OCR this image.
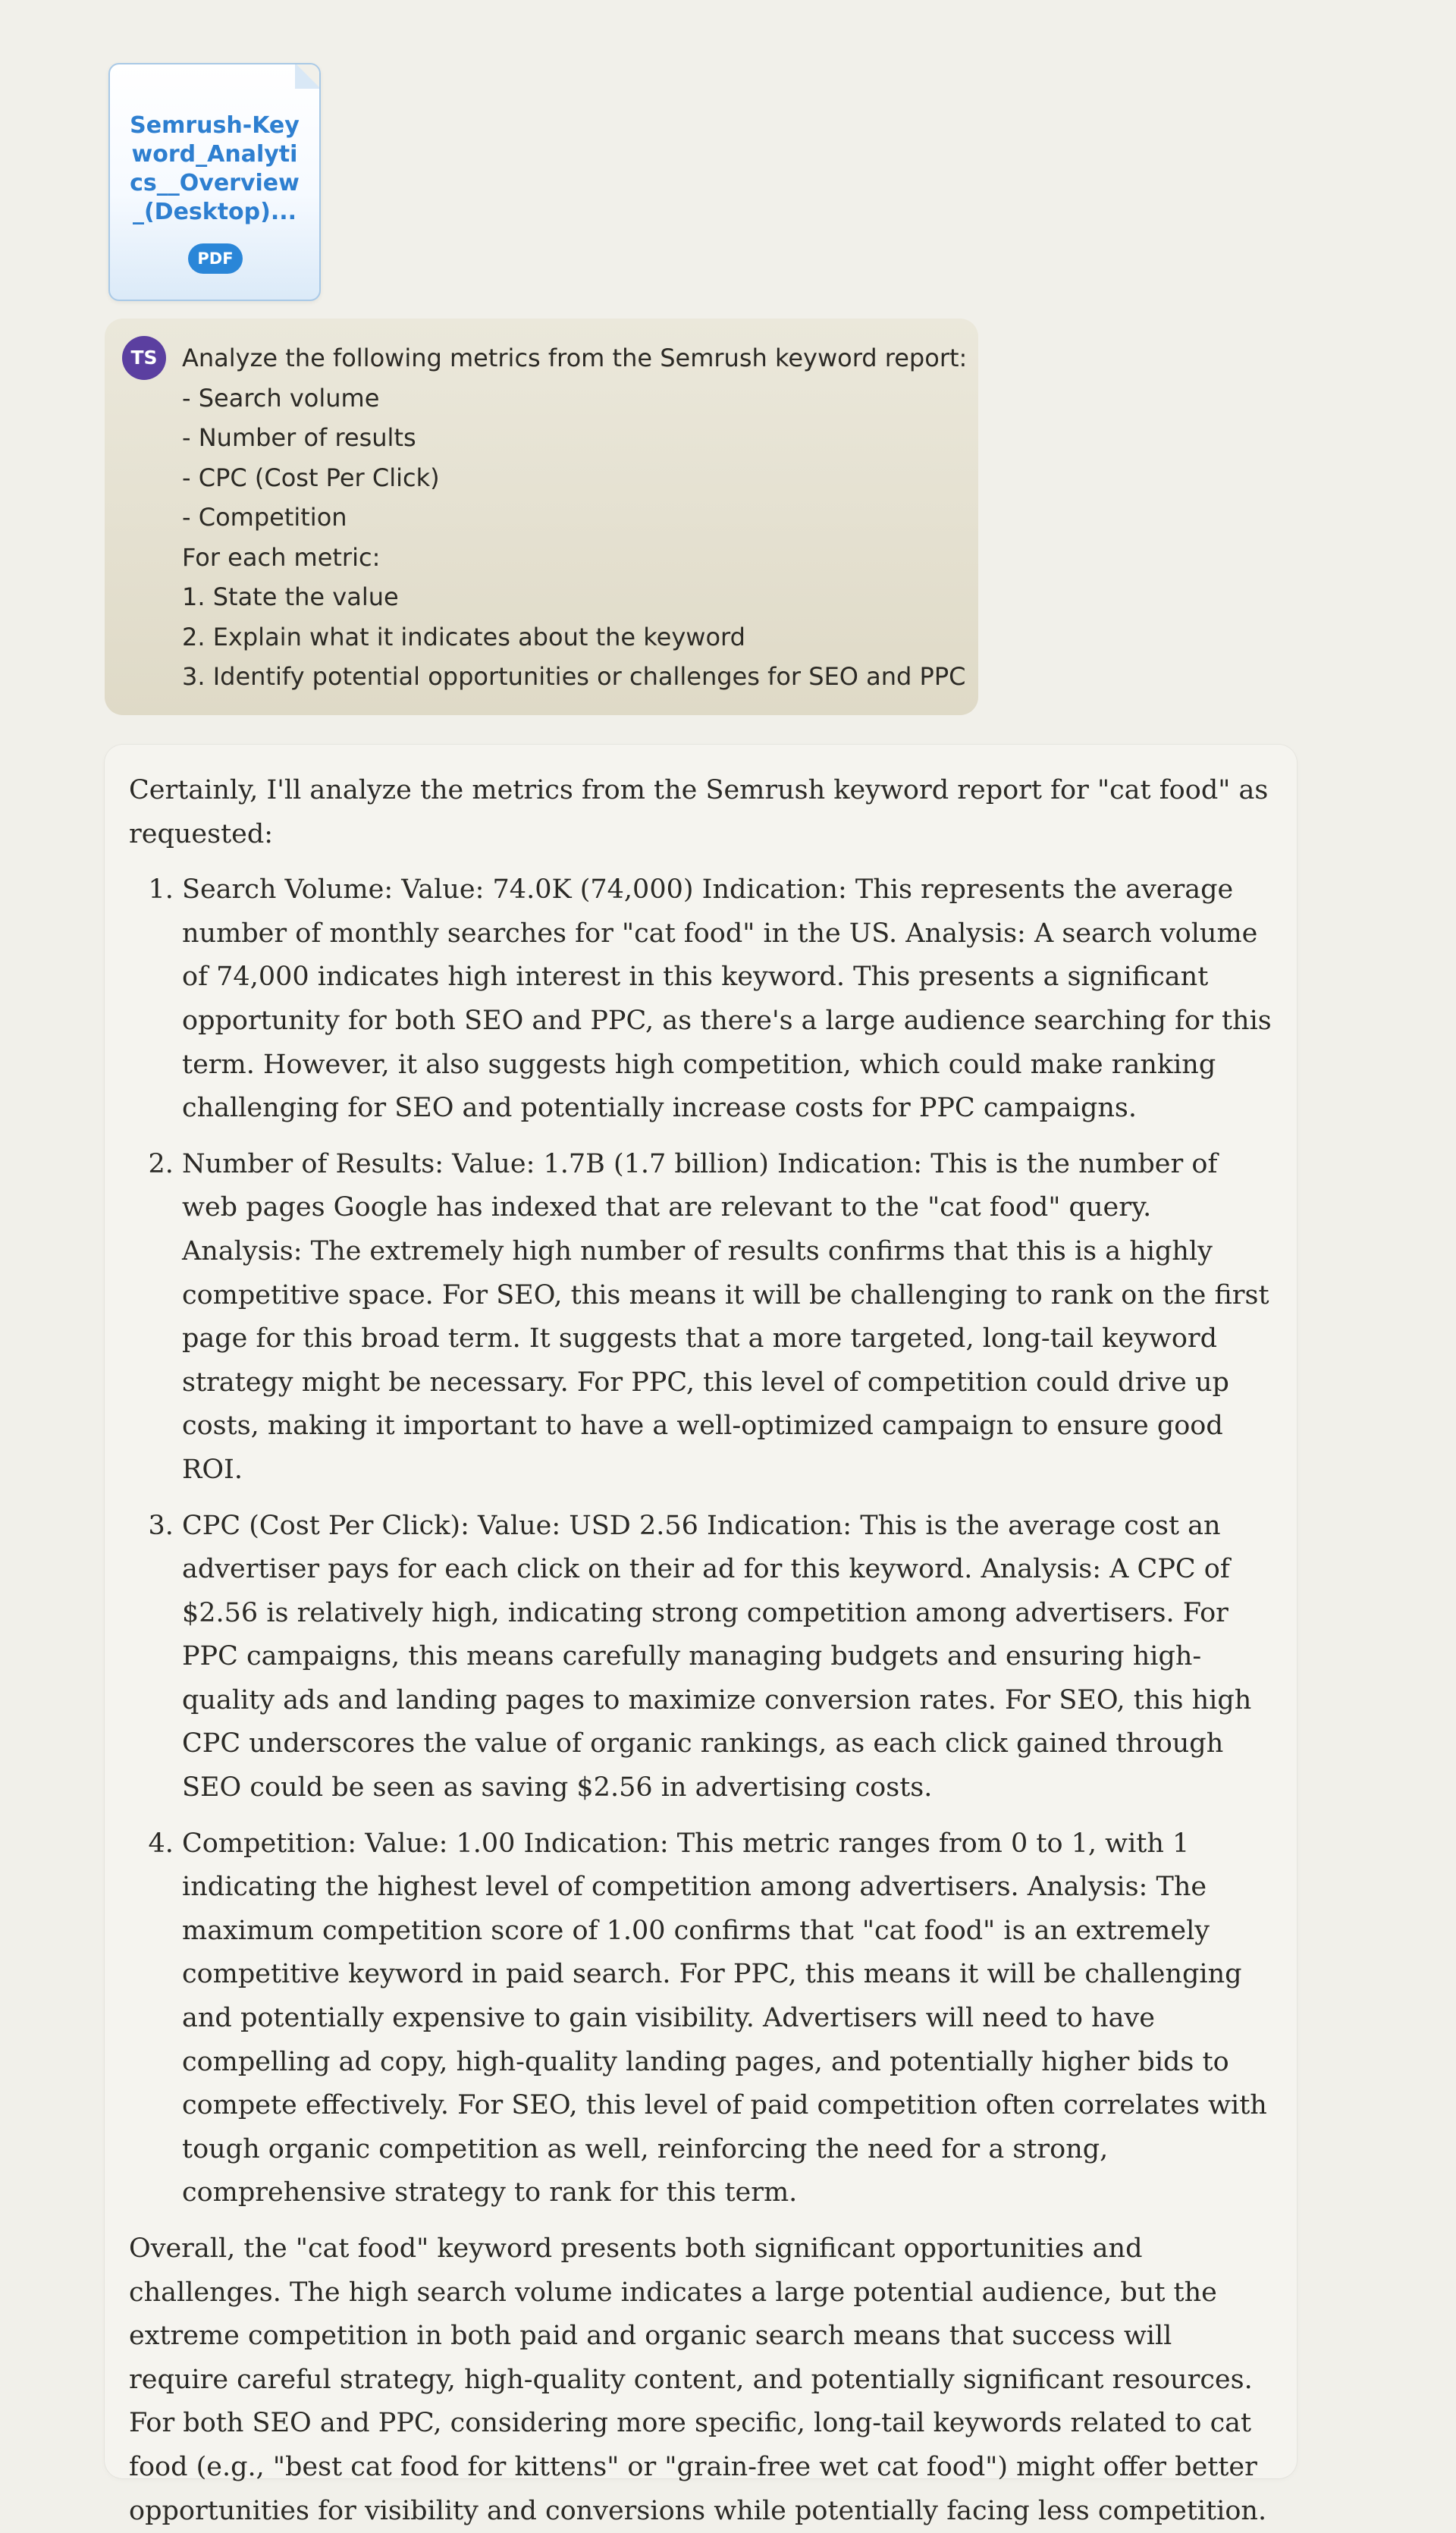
Semrush-Keyword_Analytics__Overview_(Desktop)...
PDF
TS	Analyze the following metrics from the Semrush keyword report:
- Search volume
- Number of results
- CPC (Cost Per Click)
- Competition
For each metric:
1. State the value
2. Explain what it indicates about the keyword
3. Identify potential opportunities or challenges for SEO and PPC

Certainly, I'll analyze the metrics from the Semrush keyword report for "cat food" as requested:

1. Search Volume: Value: 74.0K (74,000) Indication: This represents the average number of monthly searches for "cat food" in the US. Analysis: A search volume of 74,000 indicates high interest in this keyword. This presents a significant opportunity for both SEO and PPC, as there's a large audience searching for this term. However, it also suggests high competition, which could make ranking challenging for SEO and potentially increase costs for PPC campaigns.
2. Number of Results: Value: 1.7B (1.7 billion) Indication: This is the number of web pages Google has indexed that are relevant to the "cat food" query. Analysis: The extremely high number of results confirms that this is a highly competitive space. For SEO, this means it will be challenging to rank on the first page for this broad term. It suggests that a more targeted, long-tail keyword strategy might be necessary. For PPC, this level of competition could drive up costs, making it important to have a well-optimized campaign to ensure good ROI.
3. CPC (Cost Per Click): Value: USD 2.56 Indication: This is the average cost an advertiser pays for each click on their ad for this keyword. Analysis: A CPC of $2.56 is relatively high, indicating strong competition among advertisers. For PPC campaigns, this means carefully managing budgets and ensuring high-quality ads and landing pages to maximize conversion rates. For SEO, this high CPC underscores the value of organic rankings, as each click gained through SEO could be seen as saving $2.56 in advertising costs.
4. Competition: Value: 1.00 Indication: This metric ranges from 0 to 1, with 1 indicating the highest level of competition among advertisers. Analysis: The maximum competition score of 1.00 confirms that "cat food" is an extremely competitive keyword in paid search. For PPC, this means it will be challenging and potentially expensive to gain visibility. Advertisers will need to have compelling ad copy, high-quality landing pages, and potentially higher bids to compete effectively. For SEO, this level of paid competition often correlates with tough organic competition as well, reinforcing the need for a strong, comprehensive strategy to rank for this term.

Overall, the "cat food" keyword presents both significant opportunities and challenges. The high search volume indicates a large potential audience, but the extreme competition in both paid and organic search means that success will require careful strategy, high-quality content, and potentially significant resources. For both SEO and PPC, considering more specific, long-tail keywords related to cat food (e.g., "best cat food for kittens" or "grain-free wet cat food") might offer better opportunities for visibility and conversions while potentially facing less competition.
